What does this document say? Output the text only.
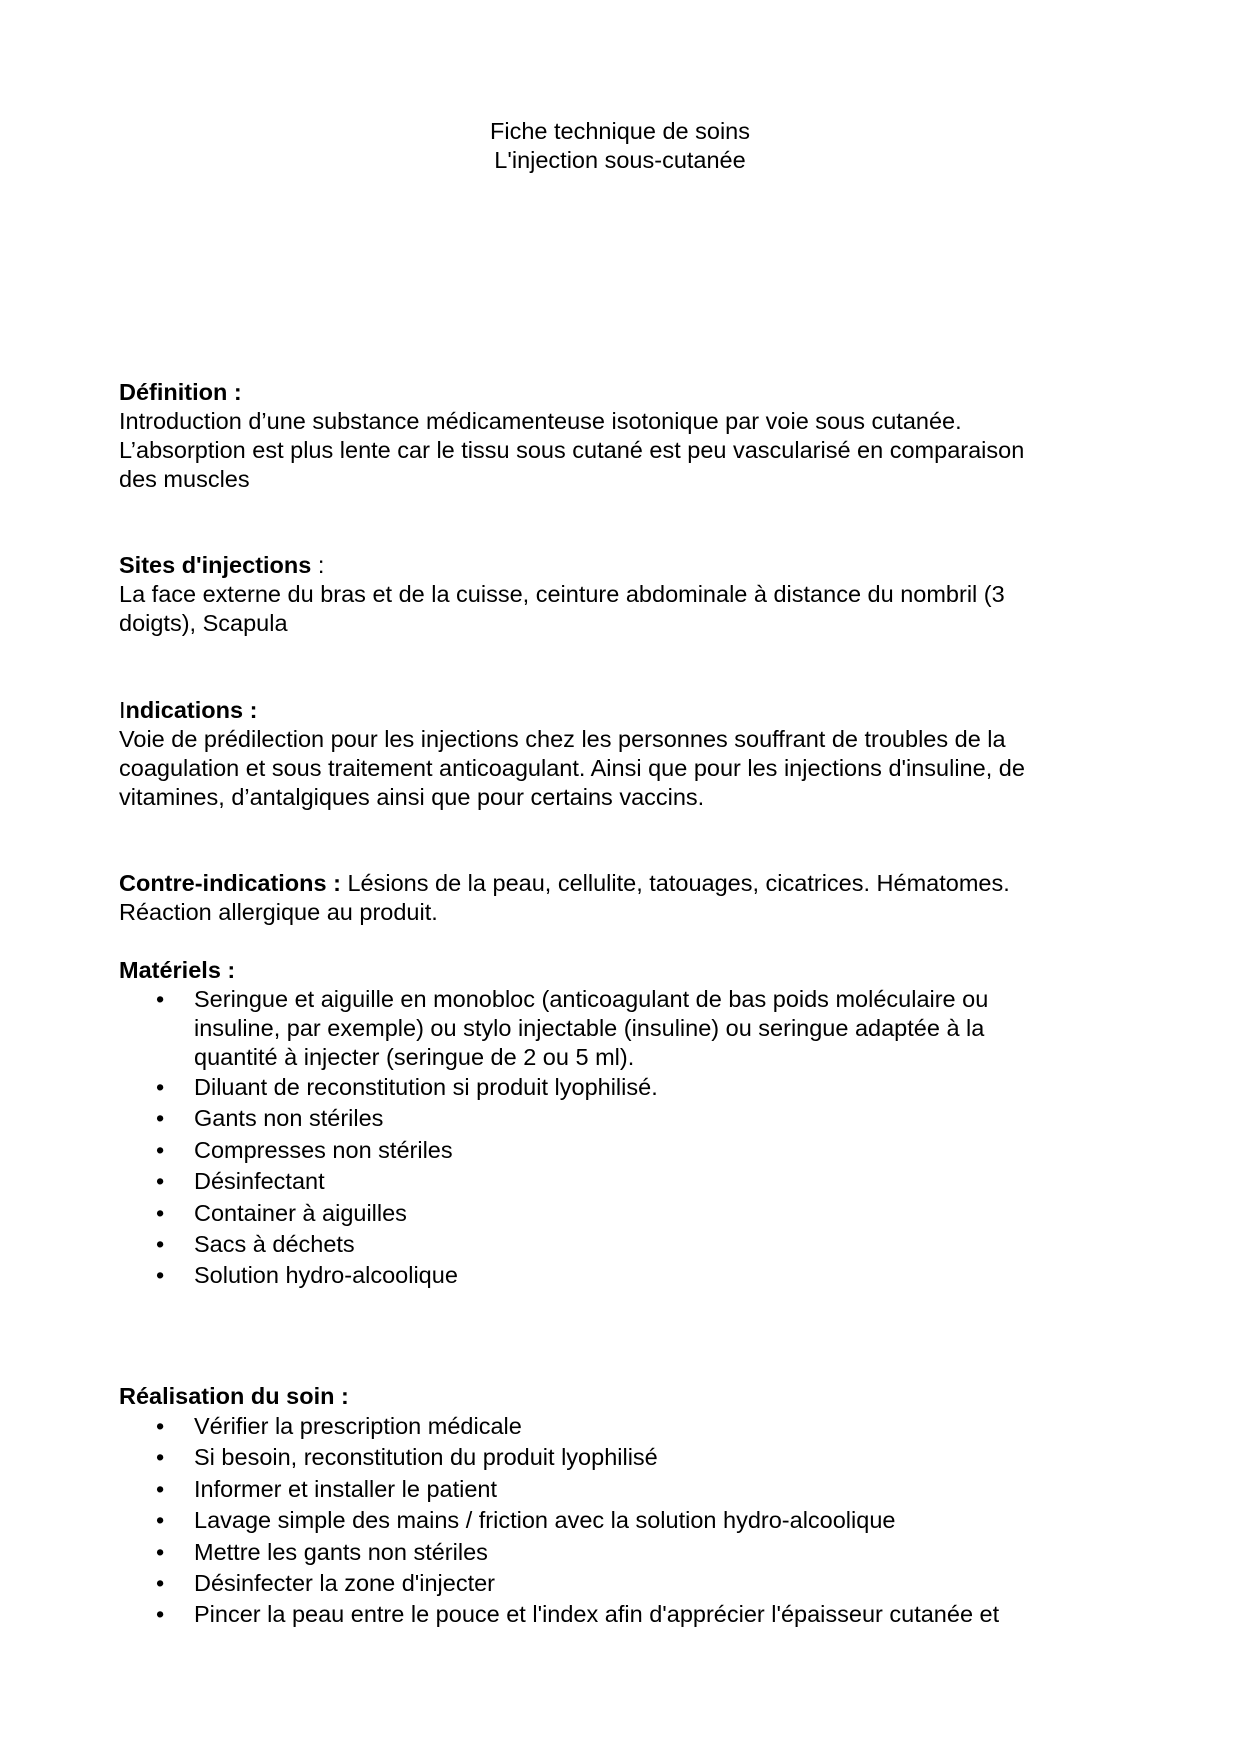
Fiche technique de soins
L'injection sous-cutanée

Définition :

Introduction d’une substance médicamenteuse isotonique par voie sous cutanée.

L’absorption est plus lente car le tissu sous cutané est peu vascularisé en comparaison

des muscles

Sites d'injections :

La face externe du bras et de la cuisse, ceinture abdominale à distance du nombril (3

doigts), Scapula

Indications :

Voie de prédilection pour les injections chez les personnes souffrant de troubles de la

coagulation et sous traitement anticoagulant. Ainsi que pour les injections d'insuline, de

vitamines, d’antalgiques ainsi que pour certains vaccins.

Contre-indications : Lésions de la peau, cellulite, tatouages, cicatrices. Hématomes.

Réaction allergique au produit.

Matériels :

• Seringue et aiguille en monobloc (anticoagulant de bas poids moléculaire ou
insuline, par exemple) ou stylo injectable (insuline) ou seringue adaptée à la
quantité à injecter (seringue de 2 ou 5 ml).
• Diluant de reconstitution si produit lyophilisé.
• Gants non stériles
• Compresses non stériles
• Désinfectant
• Container à aiguilles
• Sacs à déchets
• Solution hydro-alcoolique

Réalisation du soin :

• Vérifier la prescription médicale
• Si besoin, reconstitution du produit lyophilisé
• Informer et installer le patient
• Lavage simple des mains / friction avec la solution hydro-alcoolique
• Mettre les gants non stériles
• Désinfecter la zone d'injecter
• Pincer la peau entre le pouce et l'index afin d'apprécier l'épaisseur cutanée et
